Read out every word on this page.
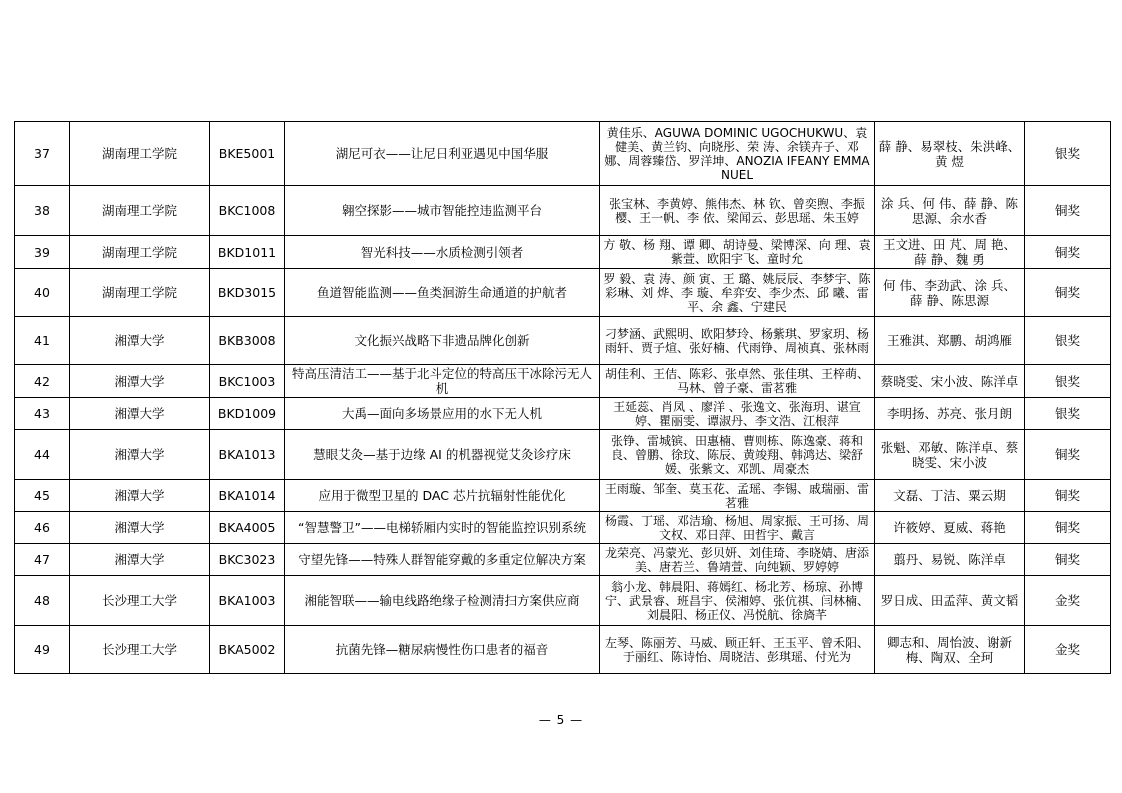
37	湖南理工学院	BKE5001	湖尼可衣——让尼日利亚遇见中国华服	黄佳乐、AGUWA DOMINIC UGOCHUKWU、袁健美、黄兰钧、向晓彤、荣 涛、余镁卉子、邓 娜、周蓉臻岱、罗洋坤、ANOZIA IFEANY EMMANUEL	薛 静、易翠枝、朱洪峰、黄 煜	银奖
38	湖南理工学院	BKC1008	翱空探影——城市智能控违监测平台	张宝林、李黄婷、熊伟杰、林 钦、曾奕煦、李振樱、王一帆、李 依、梁闻云、彭思瑶、朱玉婷	涂 兵、何 伟、薛 静、陈思源、余水香	铜奖
39	湖南理工学院	BKD1011	智光科技——水质检测引领者	方 敬、杨 翔、谭 卿、胡诗曼、梁博深、向 理、袁紫萱、欧阳宇飞、童时允	王文进、田 芃、周 艳、薛 静、魏 勇	铜奖
40	湖南理工学院	BKD3015	鱼道智能监测——鱼类洄游生命通道的护航者	罗 毅、袁 涛、颜 寅、王 璐、姚辰辰、李梦宇、陈彩琳、刘 烨、李 璇、牟弈安、李少杰、邱 曦、雷 平、余 鑫、宁建民	何 伟、李劲武、涂 兵、薛 静、陈思源	铜奖
41	湘潭大学	BKB3008	文化振兴战略下非遗品牌化创新	刁梦涵、武熙明、欧阳梦玲、杨紫琪、罗家玥、杨雨轩、贾子煊、张好楠、代雨铮、周祯真、张林雨	王雅淇、郑鹏、胡鸿雁	银奖
42	湘潭大学	BKC1003	特高压清洁工——基于北斗定位的特高压干冰除污无人机	胡佳利、王佶、陈彩、张卓然、张佳琪、王梓萌、马林、曾子豪、雷茗雅	蔡晓雯、宋小波、陈洋卓	银奖
43	湘潭大学	BKD1009	大禹—面向多场景应用的水下无人机	王延蕊、肖凤 、廖洋 、张逸文、张海玥、谌宣婷、瞿丽雯、谭淑丹、李文浩、江根萍	李明扬、苏亮、张月朗	银奖
44	湘潭大学	BKA1013	慧眼艾灸—基于边缘 AI 的机器视觉艾灸诊疗床	张铮、雷城镔、田惠楠、曹则栋、陈逸豪、蒋和良、曾鹏、徐玟、陈辰、黄竣翔、韩鸿达、梁舒媛、张紫文、邓凯、周豪杰	张魁、邓敏、陈洋卓、蔡晓雯、宋小波	铜奖
45	湘潭大学	BKA1014	应用于微型卫星的 DAC 芯片抗辐射性能优化	王雨璇、邹奎、莫玉花、孟瑶、李锡、戚瑞丽、雷茗雅	文磊、丁洁、粟云期	铜奖
46	湘潭大学	BKA4005	“智慧警卫”——电梯轿厢内实时的智能监控识别系统	杨霞、丁瑶、邓洁瑜、杨旭、周家振、王可扬、周文权、邓日萍、田哲宇、戴言	许筱婷、夏威、蒋艳	铜奖
47	湘潭大学	BKC3023	守望先锋——特殊人群智能穿戴的多重定位解决方案	龙荣亮、冯蒙光、彭贝妍、刘佳琦、李晓婧、唐添美、唐若兰、鲁靖萱、向纯颖、罗婷婷	翦丹、易锐、陈洋卓	铜奖
48	长沙理工大学	BKA1003	湘能智联——输电线路绝缘子检测清扫方案供应商	翁小龙、韩晨阳、蒋嫣红、杨北芳、杨琼、孙博宁、武景睿、班昌宇、侯湘婷、张伉祺、闫林楠、刘晨阳、杨正仪、冯悦航、徐旖芊	罗日成、田孟萍、黄文韬	金奖
49	长沙理工大学	BKA5002	抗菌先锋—糖尿病慢性伤口患者的福音	左琴、陈丽芳、马威、顾正轩、王玉平、曾禾阳、于丽红、陈诗怡、周晓洁、彭琪瑶、付光为	卿志和、周怡波、谢新梅、陶双、全珂	金奖
— 5 —
